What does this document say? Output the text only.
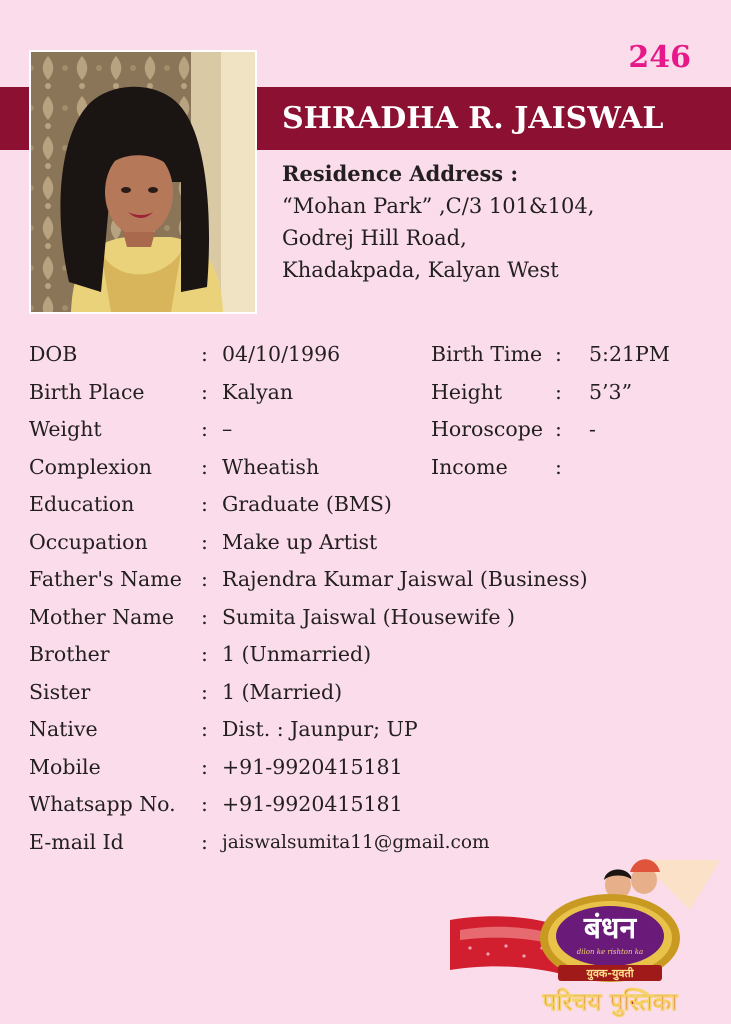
246
SHRADHA R. JAISWAL
Residence Address :
“Mohan Park” ,C/3 101&104,
Godrej Hill Road,
Khadakpada, Kalyan West
DOB	: 04/10/1996	Birth Time : 5:21PM
Birth Place	: Kalyan	Height	: 5’3”
Weight	: –	Horoscope : -
Complexion : Wheatish	Income :
Education	: Graduate (BMS)
Occupation	: Make up Artist
Father's Name : Rajendra Kumar Jaiswal (Business)
Mother Name : Sumita Jaiswal (Housewife )
Brother	: 1 (Unmarried)
Sister	: 1 (Married)
Native	: Dist. : Jaunpur; UP
Mobile	: +91-9920415181
Whatsapp No. : +91-9920415181
E-mail Id	: jaiswalsumita11@gmail.com
बंधन
dilon ke rishton ka
युवक-युवती
परिचय पुस्तिका
